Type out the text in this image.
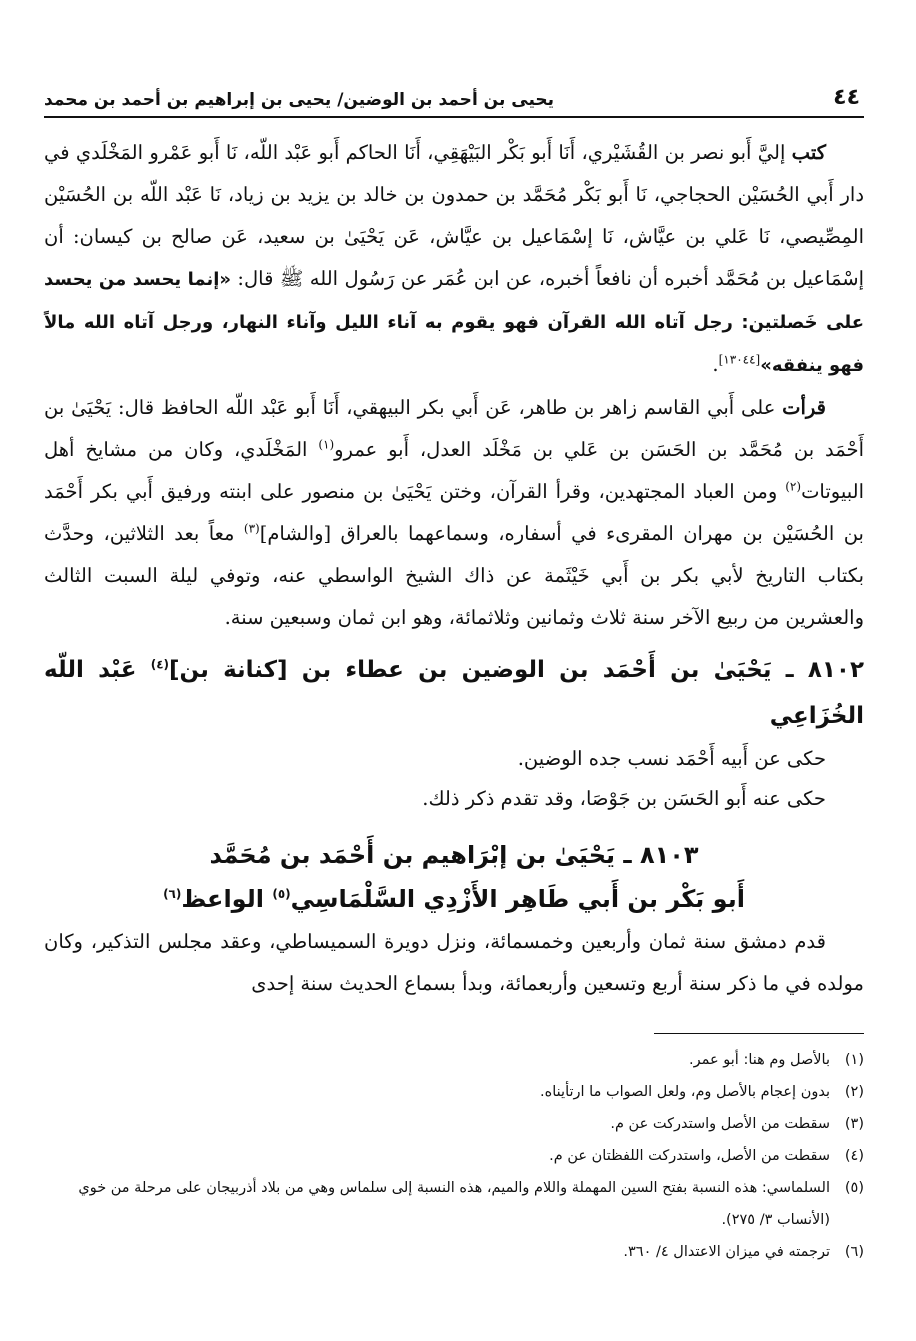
٤٤
يحيى بن أحمد بن الوضين/ يحيى بن إبراهيم بن أحمد بن محمد

كتب إليَّ أَبو نصر بن القُشَيْري، أَنَا أَبو بَكْر البَيْهَقِي، أَنَا الحاكم أَبو عَبْد اللّه، نَا أَبو عَمْرو المَخْلَدي في دار أَبي الحُسَيْن الحجاجي، نَا أَبو بَكْر مُحَمَّد بن حمدون بن خالد بن يزيد بن زياد، نَا عَبْد اللّه بن الحُسَيْن المِصِّيصي، نَا عَلي بن عيَّاش، نَا إسْمَاعيل بن عيَّاش، عَن يَحْيَىٰ بن سعيد، عَن صالح بن كيسان: أن إسْمَاعيل بن مُحَمَّد أخبره أن نافعاً أخبره، عن ابن عُمَر عن رَسُول الله ﷺ قال: «إنما يحسد من يحسد على خَصلتين: رجل آتاه الله القرآن فهو يقوم به آناء الليل وآناء النهار، ورجل آتاه الله مالاً فهو ينفقه»[١٣٠٤٤].

قرأت على أَبي القاسم زاهر بن طاهر، عَن أَبي بكر البيهقي، أَنَا أَبو عَبْد اللّه الحافظ قال: يَحْيَىٰ بن أَحْمَد بن مُحَمَّد بن الحَسَن بن عَلي بن مَخْلَد العدل، أَبو عمرو$^{(١)}$ المَخْلَدي، وكان من مشايخ أهل البيوتات$^{(٢)}$ ومن العباد المجتهدين، وقرأ القرآن، وختن يَحْيَىٰ بن منصور على ابنته ورفيق أَبي بكر أَحْمَد بن الحُسَيْن بن مهران المقرىء في أسفاره، وسماعهما بالعراق [والشام]$^{(٣)}$ معاً بعد الثلاثين، وحدَّث بكتاب التاريخ لأبي بكر بن أَبي خَيْثَمة عن ذاك الشيخ الواسطي عنه، وتوفي ليلة السبت الثالث والعشرين من ربيع الآخر سنة ثلاث وثمانين وثلاثمائة، وهو ابن ثمان وسبعين سنة.

٨١٠٢ ـ يَحْيَىٰ بن أَحْمَد بن الوضين بن عطاء بن [كنانة بن]$^{(٤)}$ عَبْد اللّه الخُزَاعِي

حكى عن أَبيه أَحْمَد نسب جده الوضين.

حكى عنه أَبو الحَسَن بن جَوْصَا، وقد تقدم ذكر ذلك.

٨١٠٣ ـ يَحْيَىٰ بن إبْرَاهيم بن أَحْمَد بن مُحَمَّد
أَبو بَكْر بن أَبي طَاهِر الأَزْدِي السَّلْمَاسِي$^{(٥)}$ الواعظ$^{(٦)}$

قدم دمشق سنة ثمان وأربعين وخمسمائة، ونزل دويرة السميساطي، وعقد مجلس التذكير، وكان مولده في ما ذكر سنة أربع وتسعين وأربعمائة، وبدأ بسماع الحديث سنة إحدى

(١)
بالأصل وم هنا: أبو عمر.
(٢)
بدون إعجام بالأصل وم، ولعل الصواب ما ارتأيناه.
(٣)
سقطت من الأصل واستدركت عن م.
(٤)
سقطت من الأصل، واستدركت اللفظتان عن م.
(٥)
السلماسي: هذه النسبة بفتح السين المهملة واللام والميم، هذه النسبة إلى سلماس وهي من بلاد أذربيجان على مرحلة من خوي (الأنساب ٣/ ٢٧٥).
(٦)
ترجمته في ميزان الاعتدال ٤/ ٣٦٠.
